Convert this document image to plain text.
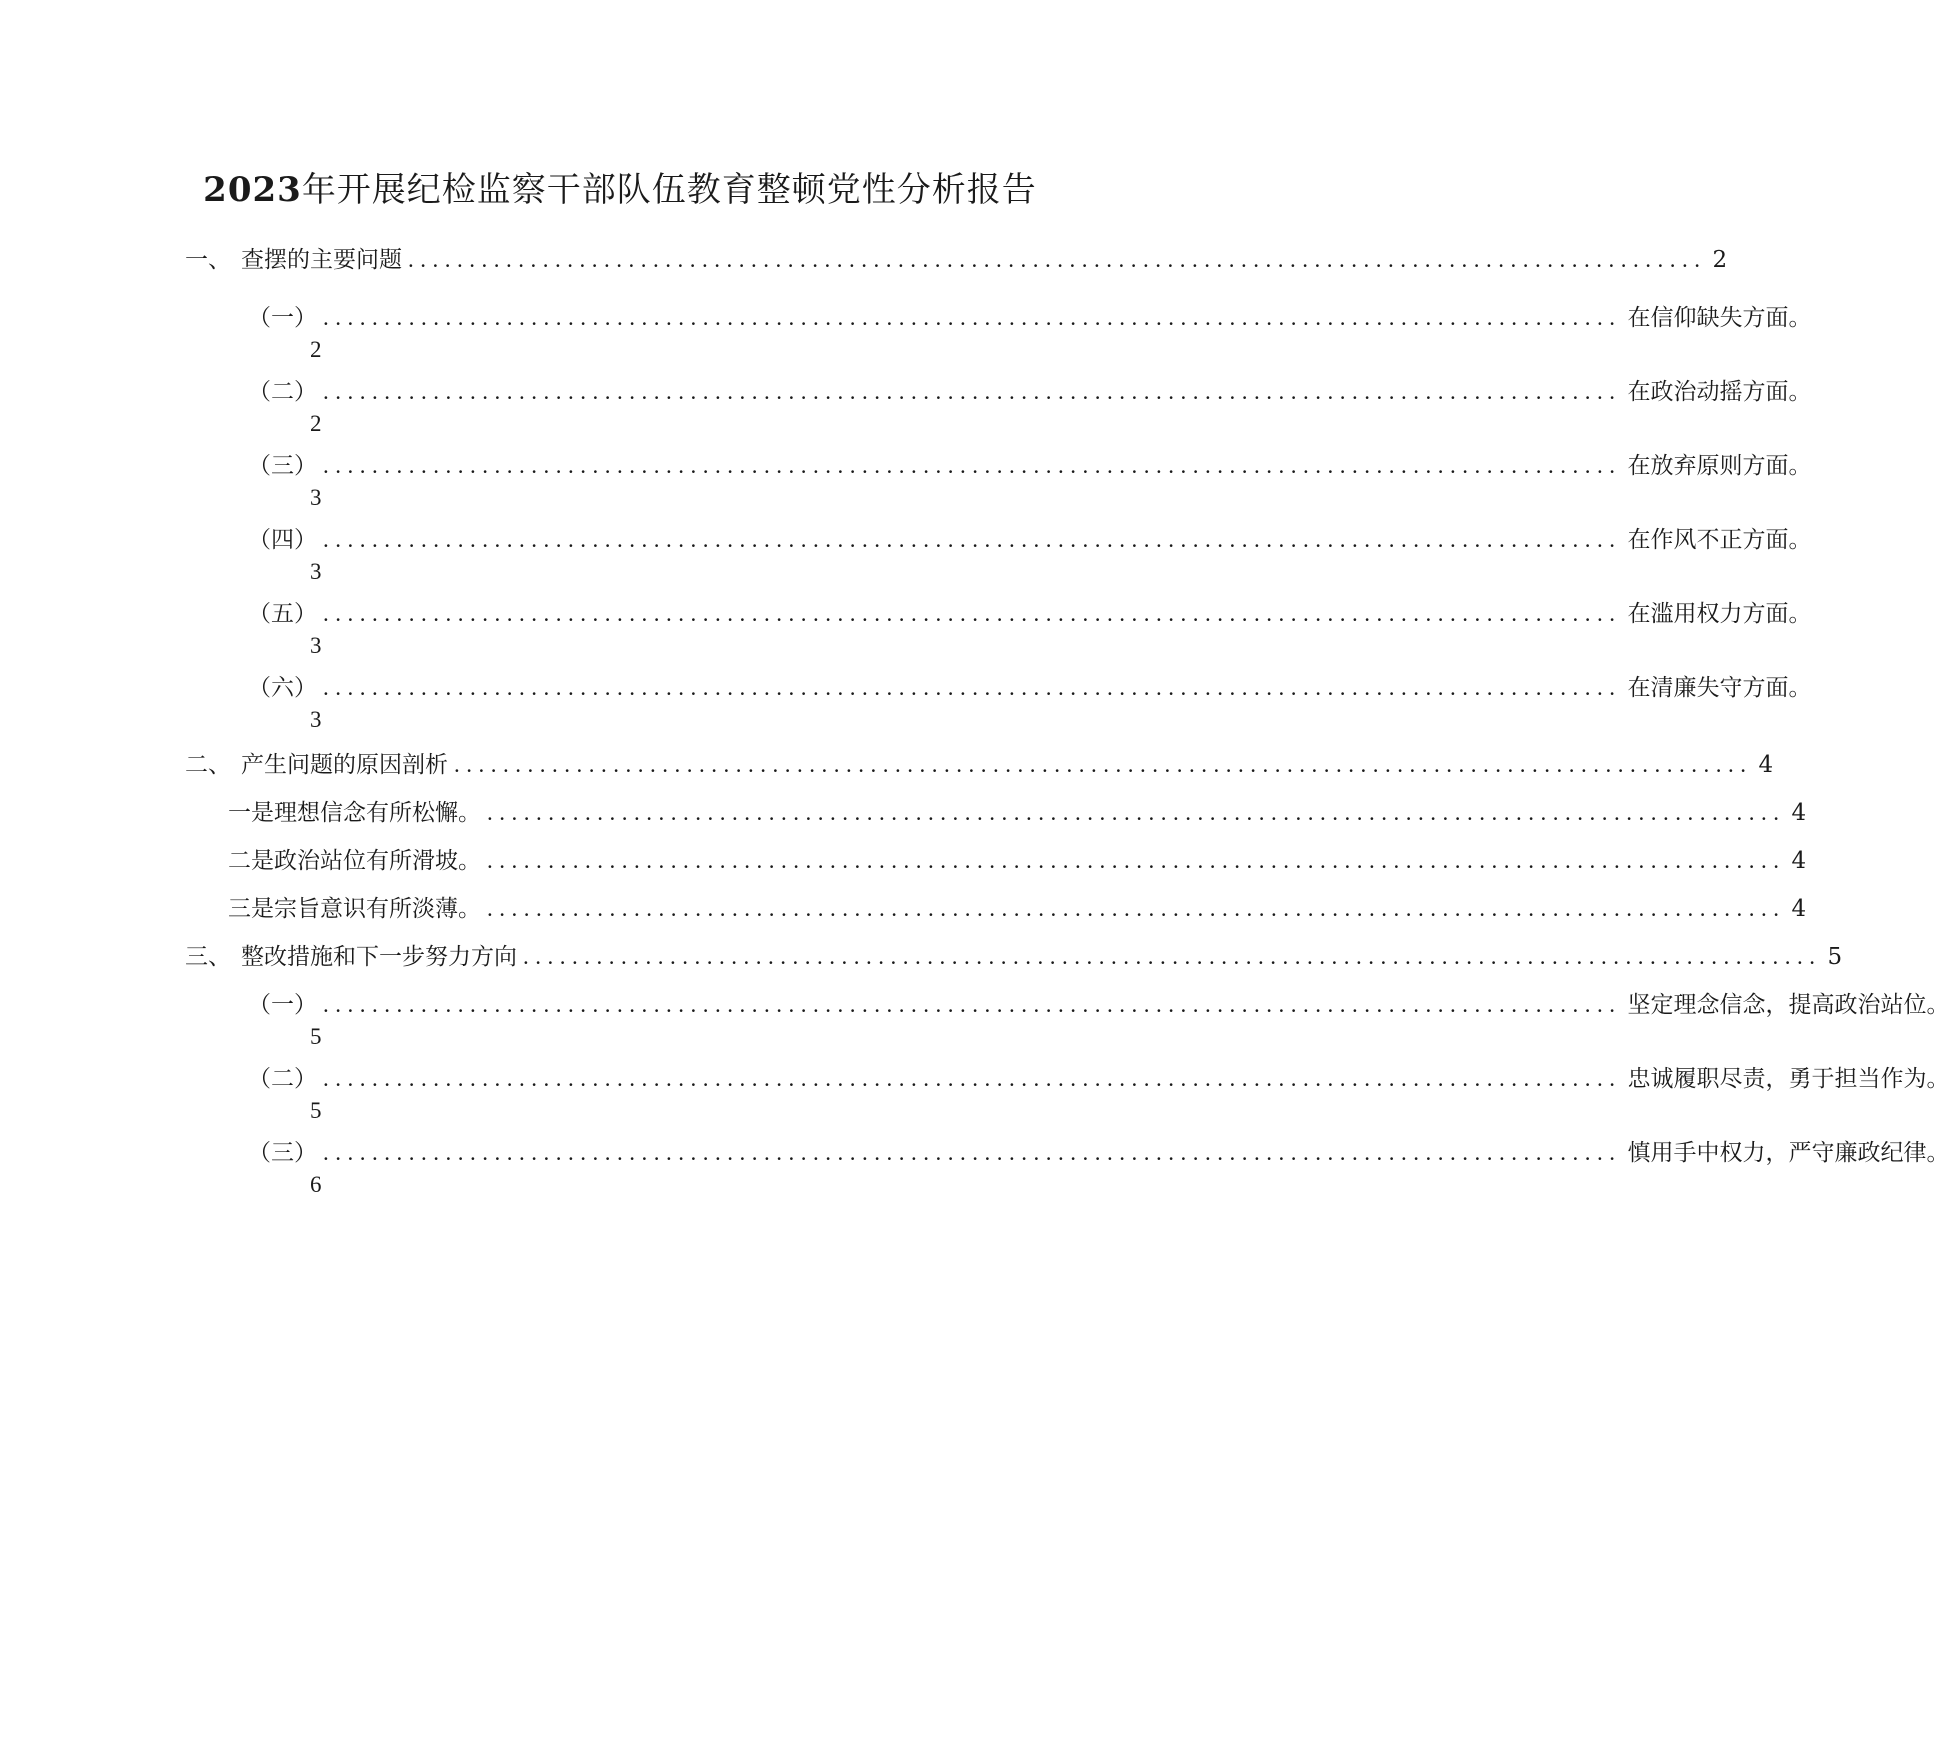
2023年开展纪检监察干部队伍教育整顿党性分析报告
一、 查摆的主要问题 .......................................................................................................... 2
（一） .......................................................................................................... 在信仰缺失方面。
2
（二） .......................................................................................................... 在政治动摇方面。
2
（三） .......................................................................................................... 在放弃原则方面。
3
（四） .......................................................................................................... 在作风不正方面。
3
（五） .......................................................................................................... 在滥用权力方面。
3
（六） .......................................................................................................... 在清廉失守方面。
3
二、 产生问题的原因剖析 .......................................................................................................... 4
一是理想信念有所松懈。 .......................................................................................................... 4
二是政治站位有所滑坡。 .......................................................................................................... 4
三是宗旨意识有所淡薄。 .......................................................................................................... 4
三、 整改措施和下一步努力方向 .......................................................................................................... 5
（一） .......................................................................................................... 坚定理念信念，提高政治站位。
5
（二） .......................................................................................................... 忠诚履职尽责，勇于担当作为。
5
（三） .......................................................................................................... 慎用手中权力，严守廉政纪律。
6
